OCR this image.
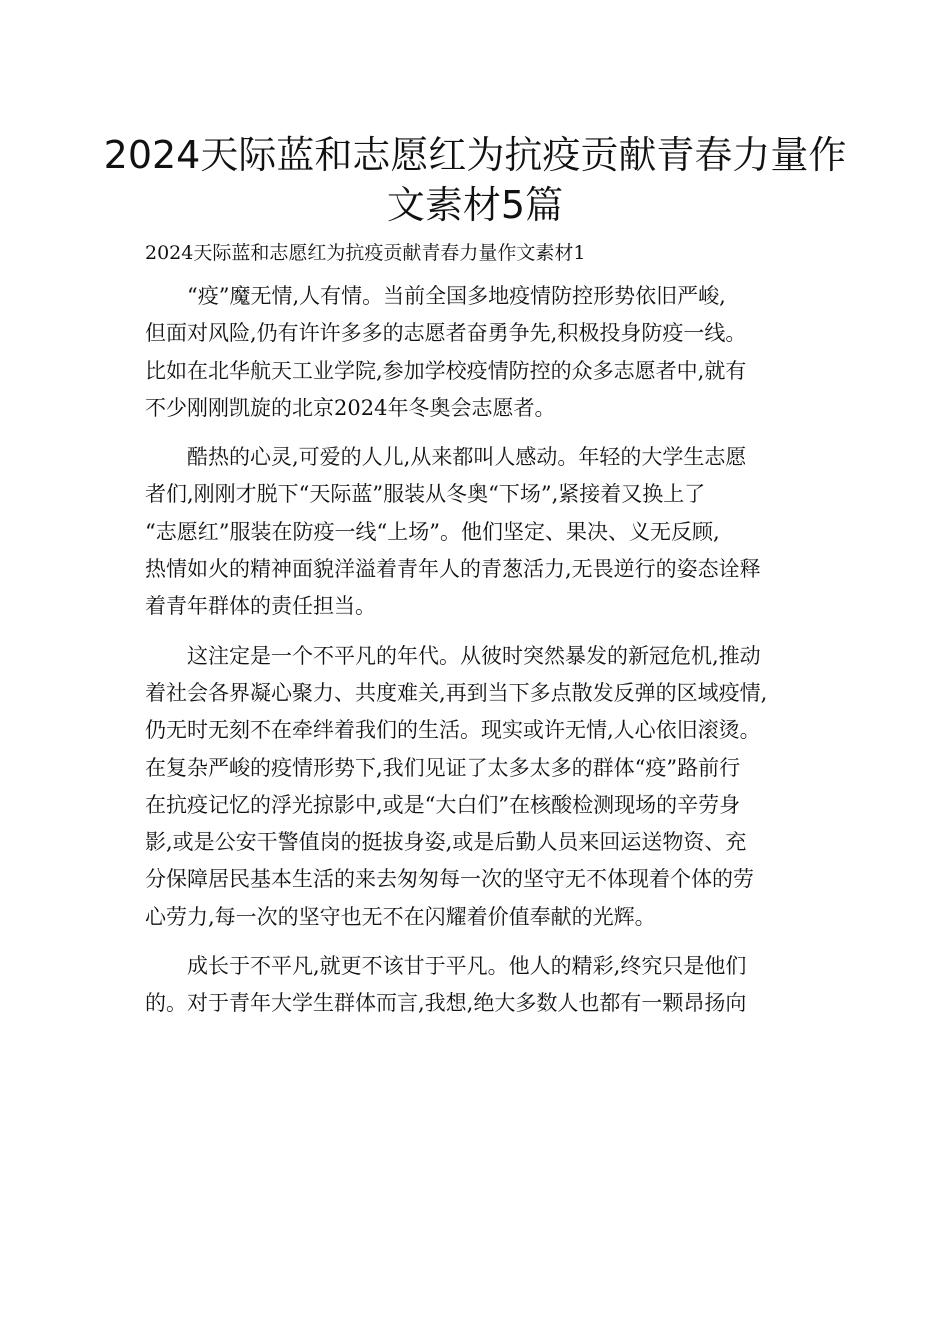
2024天际蓝和志愿红为抗疫贡献青春力量作文素材5篇

2024天际蓝和志愿红为抗疫贡献青春力量作文素材1

“疫”魔无情,人有情。当前全国多地疫情防控形势依旧严峻,
但面对风险,仍有许许多多的志愿者奋勇争先,积极投身防疫一线。
比如在北华航天工业学院,参加学校疫情防控的众多志愿者中,就有
不少刚刚凯旋的北京2024年冬奥会志愿者。

酷热的心灵,可爱的人儿,从来都叫人感动。年轻的大学生志愿
者们,刚刚才脱下“天际蓝”服装从冬奥“下场”,紧接着又换上了
“志愿红”服装在防疫一线“上场”。他们坚定、果决、义无反顾,
热情如火的精神面貌洋溢着青年人的青葱活力,无畏逆行的姿态诠释
着青年群体的责任担当。

这注定是一个不平凡的年代。从彼时突然暴发的新冠危机,推动
着社会各界凝心聚力、共度难关,再到当下多点散发反弹的区域疫情,
仍无时无刻不在牵绊着我们的生活。现实或许无情,人心依旧滚烫。
在复杂严峻的疫情形势下,我们见证了太多太多的群体“疫”路前行
在抗疫记忆的浮光掠影中,或是“大白们”在核酸检测现场的辛劳身
影,或是公安干警值岗的挺拔身姿,或是后勤人员来回运送物资、充
分保障居民基本生活的来去匆匆每一次的坚守无不体现着个体的劳
心劳力,每一次的坚守也无不在闪耀着价值奉献的光辉。

成长于不平凡,就更不该甘于平凡。他人的精彩,终究只是他们
的。对于青年大学生群体而言,我想,绝大多数人也都有一颗昂扬向
